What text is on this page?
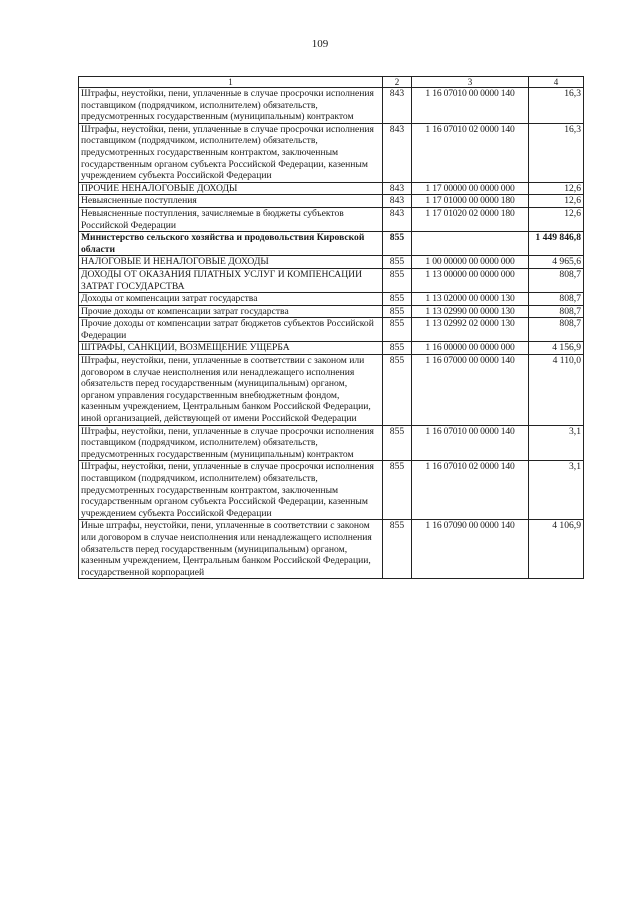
109
1	2	3	4
Штрафы, неустойки, пени, уплаченные в случае просрочки исполнения поставщиком (подрядчиком, исполнителем) обязательств, предусмотренных государственным (муниципальным) контрактом	843	1 16 07010 00 0000 140	16,3
Штрафы, неустойки, пени, уплаченные в случае просрочки исполнения поставщиком (подрядчиком, исполнителем) обязательств, предусмотренных государственным контрактом, заключенным государственным органом субъекта Российской Федерации, казенным учреждением субъекта Российской Федерации	843	1 16 07010 02 0000 140	16,3
ПРОЧИЕ НЕНАЛОГОВЫЕ ДОХОДЫ	843	1 17 00000 00 0000 000	12,6
Невыясненные поступления	843	1 17 01000 00 0000 180	12,6
Невыясненные поступления, зачисляемые в бюджеты субъектов Российской Федерации	843	1 17 01020 02 0000 180	12,6
Министерство сельского хозяйства и продовольствия Кировской области	855		1 449 846,8
НАЛОГОВЫЕ И НЕНАЛОГОВЫЕ ДОХОДЫ	855	1 00 00000 00 0000 000	4 965,6
ДОХОДЫ ОТ ОКАЗАНИЯ ПЛАТНЫХ УСЛУГ И КОМПЕНСАЦИИ ЗАТРАТ ГОСУДАРСТВА	855	1 13 00000 00 0000 000	808,7
Доходы от компенсации затрат государства	855	1 13 02000 00 0000 130	808,7
Прочие доходы от компенсации затрат государства	855	1 13 02990 00 0000 130	808,7
Прочие доходы от компенсации затрат бюджетов субъектов Российской Федерации	855	1 13 02992 02 0000 130	808,7
ШТРАФЫ, САНКЦИИ, ВОЗМЕЩЕНИЕ УЩЕРБА	855	1 16 00000 00 0000 000	4 156,9
Штрафы, неустойки, пени, уплаченные в соответствии с законом или договором в случае неисполнения или ненадлежащего исполнения обязательств перед государственным (муниципальным) органом, органом управления государственным внебюджетным фондом, казенным учреждением, Центральным банком Российской Федерации, иной организацией, действующей от имени Российской Федерации	855	1 16 07000 00 0000 140	4 110,0
Штрафы, неустойки, пени, уплаченные в случае просрочки исполнения поставщиком (подрядчиком, исполнителем) обязательств, предусмотренных государственным (муниципальным) контрактом	855	1 16 07010 00 0000 140	3,1
Штрафы, неустойки, пени, уплаченные в случае просрочки исполнения поставщиком (подрядчиком, исполнителем) обязательств, предусмотренных государственным контрактом, заключенным государственным органом субъекта Российской Федерации, казенным учреждением субъекта Российской Федерации	855	1 16 07010 02 0000 140	3,1
Иные штрафы, неустойки, пени, уплаченные в соответствии с законом или договором в случае неисполнения или ненадлежащего исполнения обязательств перед государственным (муниципальным) органом, казенным учреждением, Центральным банком Российской Федерации, государственной корпорацией	855	1 16 07090 00 0000 140	4 106,9
